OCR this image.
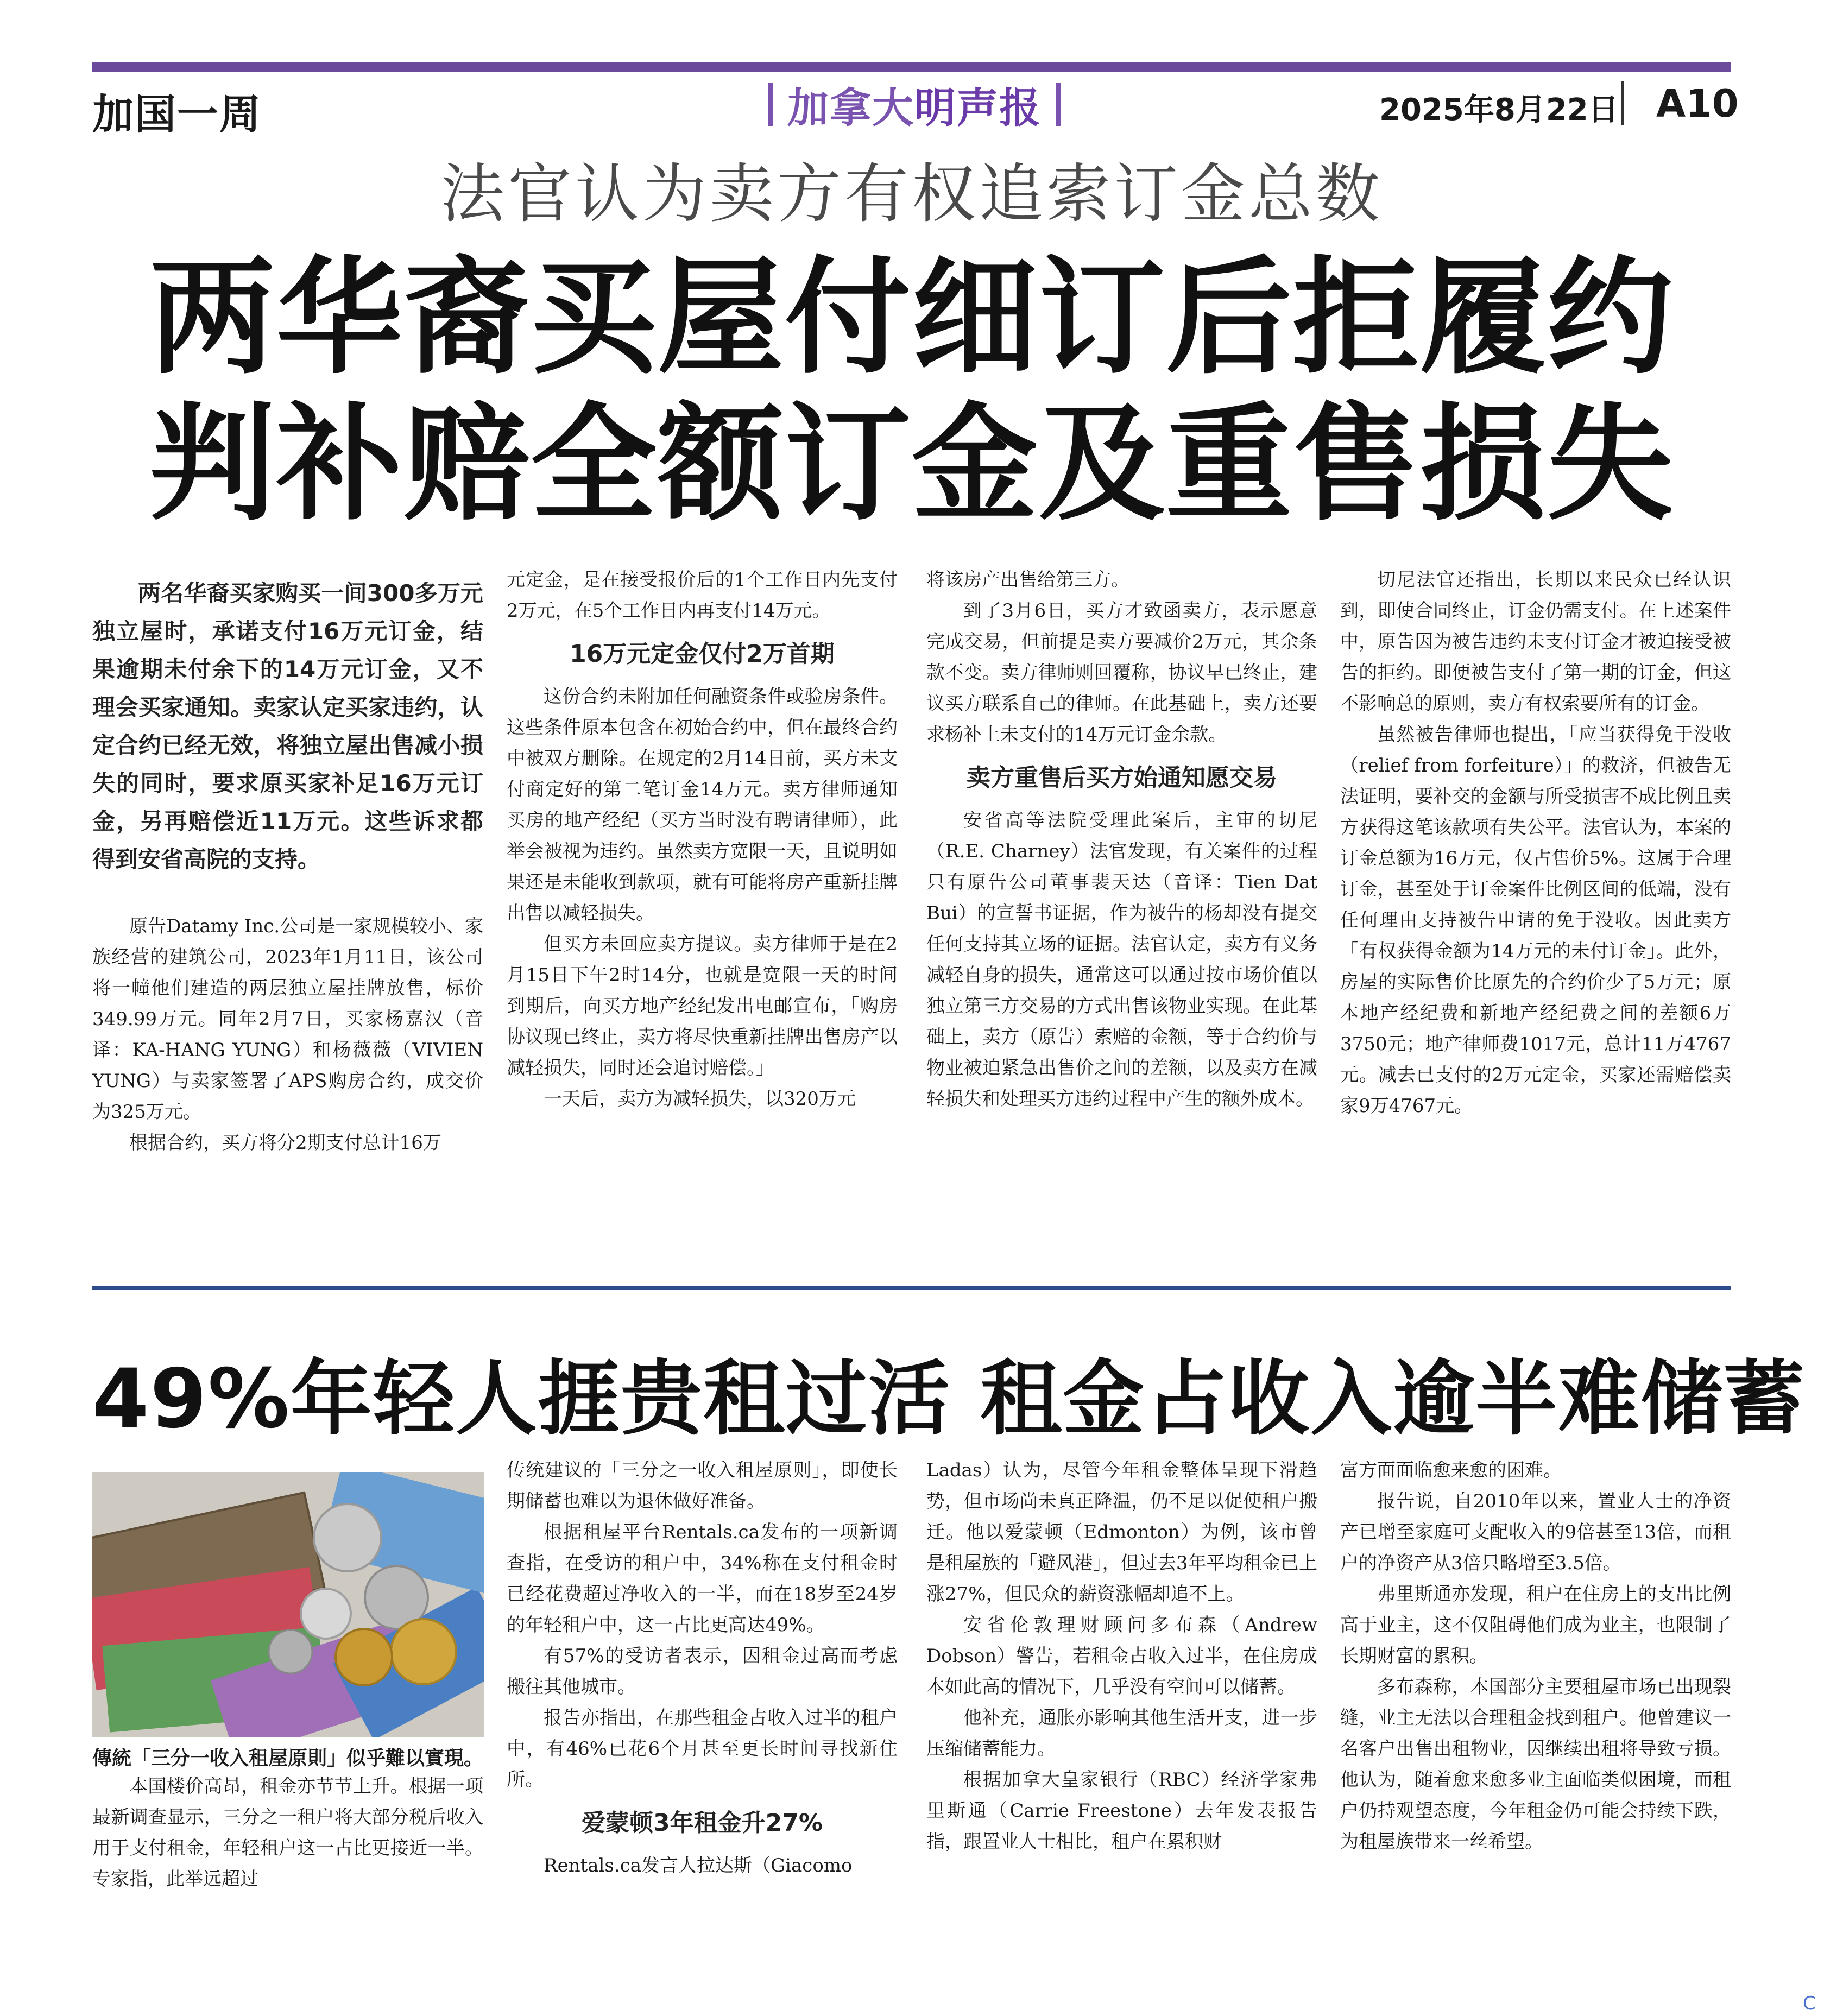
加国一周	加拿大明声报	2025年8月22日 A10
法官认为卖方有权追索订金总数
两华裔买屋付细订后拒履约
判补赔全额订金及重售损失

两名华裔买家购买一间300多万元独立屋时，承诺支付16万元订金，结果逾期未付余下的14万元订金，又不理会买家通知。卖家认定买家违约，认定合约已经无效，将独立屋出售减小损失的同时，要求原买家补足16万元订金，另再赔偿近11万元。这些诉求都得到安省高院的支持。

原告Datamy Inc.公司是一家规模较小、家族经营的建筑公司，2023年1月11日，该公司将一幢他们建造的两层独立屋挂牌放售，标价349.99万元。同年2月7日，买家杨嘉汉（音译：KA-HANG YUNG）和杨薇薇（VIVIEN YUNG）与卖家签署了APS购房合约，成交价为325万元。

根据合约，买方将分2期支付总计16万

元定金，是在接受报价后的1个工作日内先支付2万元，在5个工作日内再支付14万元。

16万元定金仅付2万首期

这份合约未附加任何融资条件或验房条件。这些条件原本包含在初始合约中，但在最终合约中被双方删除。在规定的2月14日前，买方未支付商定好的第二笔订金14万元。卖方律师通知买房的地产经纪（买方当时没有聘请律师），此举会被视为违约。虽然卖方宽限一天，且说明如果还是未能收到款项，就有可能将房产重新挂牌出售以减轻损失。

但买方未回应卖方提议。卖方律师于是在2月15日下午2时14分，也就是宽限一天的时间到期后，向买方地产经纪发出电邮宣布，「购房协议现已终止，卖方将尽快重新挂牌出售房产以减轻损失，同时还会追讨赔偿。」

一天后，卖方为减轻损失，以320万元

将该房产出售给第三方。

到了3月6日，买方才致函卖方，表示愿意完成交易，但前提是卖方要减价2万元，其余条款不变。卖方律师则回覆称，协议早已终止，建议买方联系自己的律师。在此基础上，卖方还要求杨补上未支付的14万元订金余款。

卖方重售后买方始通知愿交易

安省高等法院受理此案后，主审的切尼（R.E. Charney）法官发现，有关案件的过程只有原告公司董事裴天达（音译：Tien Dat Bui）的宣誓书证据，作为被告的杨却没有提交任何支持其立场的证据。法官认定，卖方有义务减轻自身的损失，通常这可以通过按市场价值以独立第三方交易的方式出售该物业实现。在此基础上，卖方（原告）索赔的金额，等于合约价与物业被迫紧急出售价之间的差额，以及卖方在减轻损失和处理买方违约过程中产生的额外成本。

切尼法官还指出，长期以来民众已经认识到，即使合同终止，订金仍需支付。在上述案件中，原告因为被告违约未支付订金才被迫接受被告的拒约。即便被告支付了第一期的订金，但这不影响总的原则，卖方有权索要所有的订金。

虽然被告律师也提出，「应当获得免于没收（relief from forfeiture）」的救济，但被告无法证明，要补交的金额与所受损害不成比例且卖方获得这笔该款项有失公平。法官认为，本案的订金总额为16万元，仅占售价5%。这属于合理订金，甚至处于订金案件比例区间的低端，没有任何理由支持被告申请的免于没收。因此卖方「有权获得金额为14万元的未付订金」。此外，房屋的实际售价比原先的合约价少了5万元；原本地产经纪费和新地产经纪费之间的差额6万3750元；地产律师费1017元，总计11万4767元。减去已支付的2万元定金，买家还需赔偿卖家9万4767元。

49%年轻人捱贵租过活 租金占收入逾半难储蓄
傳統「三分一收入租屋原則」似乎難以實現。

本国楼价高昂，租金亦节节上升。根据一项最新调查显示，三分之一租户将大部分税后收入用于支付租金，年轻租户这一占比更接近一半。专家指，此举远超过

传统建议的「三分之一收入租屋原则」，即使长期储蓄也难以为退休做好准备。

根据租屋平台Rentals.ca发布的一项新调查指，在受访的租户中，34%称在支付租金时已经花费超过净收入的一半，而在18岁至24岁的年轻租户中，这一占比更高达49%。

有57%的受访者表示，因租金过高而考虑搬往其他城市。

报告亦指出，在那些租金占收入过半的租户中，有46%已花6个月甚至更长时间寻找新住所。

爱蒙顿3年租金升27%

Rentals.ca发言人拉达斯（Giacomo

Ladas）认为，尽管今年租金整体呈现下滑趋势，但市场尚未真正降温，仍不足以促使租户搬迁。他以爱蒙顿（Edmonton）为例，该市曾是租屋族的「避风港」，但过去3年平均租金已上涨27%，但民众的薪资涨幅却追不上。

安省伦敦理财顾问多布森（Andrew Dobson）警告，若租金占收入过半，在住房成本如此高的情况下，几乎没有空间可以储蓄。

他补充，通胀亦影响其他生活开支，进一步压缩储蓄能力。

根据加拿大皇家银行（RBC）经济学家弗里斯通（Carrie Freestone）去年发表报告指，跟置业人士相比，租户在累积财

富方面面临愈来愈的困难。

报告说，自2010年以来，置业人士的净资产已增至家庭可支配收入的9倍甚至13倍，而租户的净资产从3倍只略增至3.5倍。

弗里斯通亦发现，租户在住房上的支出比例高于业主，这不仅阻碍他们成为业主，也限制了长期财富的累积。

多布森称，本国部分主要租屋市场已出现裂缝，业主无法以合理租金找到租户。他曾建议一名客户出售出租物业，因继续出租将导致亏损。他认为，随着愈来愈多业主面临类似困境，而租户仍持观望态度，今年租金仍可能会持续下跌，为租屋族带来一丝希望。

C
